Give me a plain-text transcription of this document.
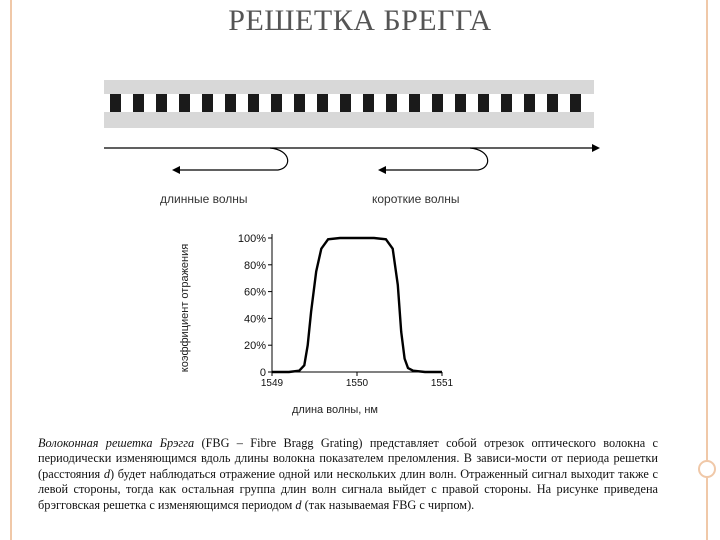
РЕШЕТКА БРЕГГА
длинные волны	короткие волны
0
20%
40%
60%
80%
100%
1549	1550	1551
длина волны, нм
коэффициент отражения
Волоконная решетка Брэгга (FBG – Fibre Bragg Grating) представляет собой отрезок оптического волокна с периодически изменяющимся вдоль длины волокна показателем преломления. В зависи-мости от периода решетки (расстояния d) будет наблюдаться отражение одной или нескольких длин волн. Отраженный сигнал выходит также с левой стороны, тогда как остальная группа длин волн сигнала выйдет с правой стороны. На рисунке приведена брэгговская решетка с изменяющимся периодом d (так называемая FBG с чирпом).
